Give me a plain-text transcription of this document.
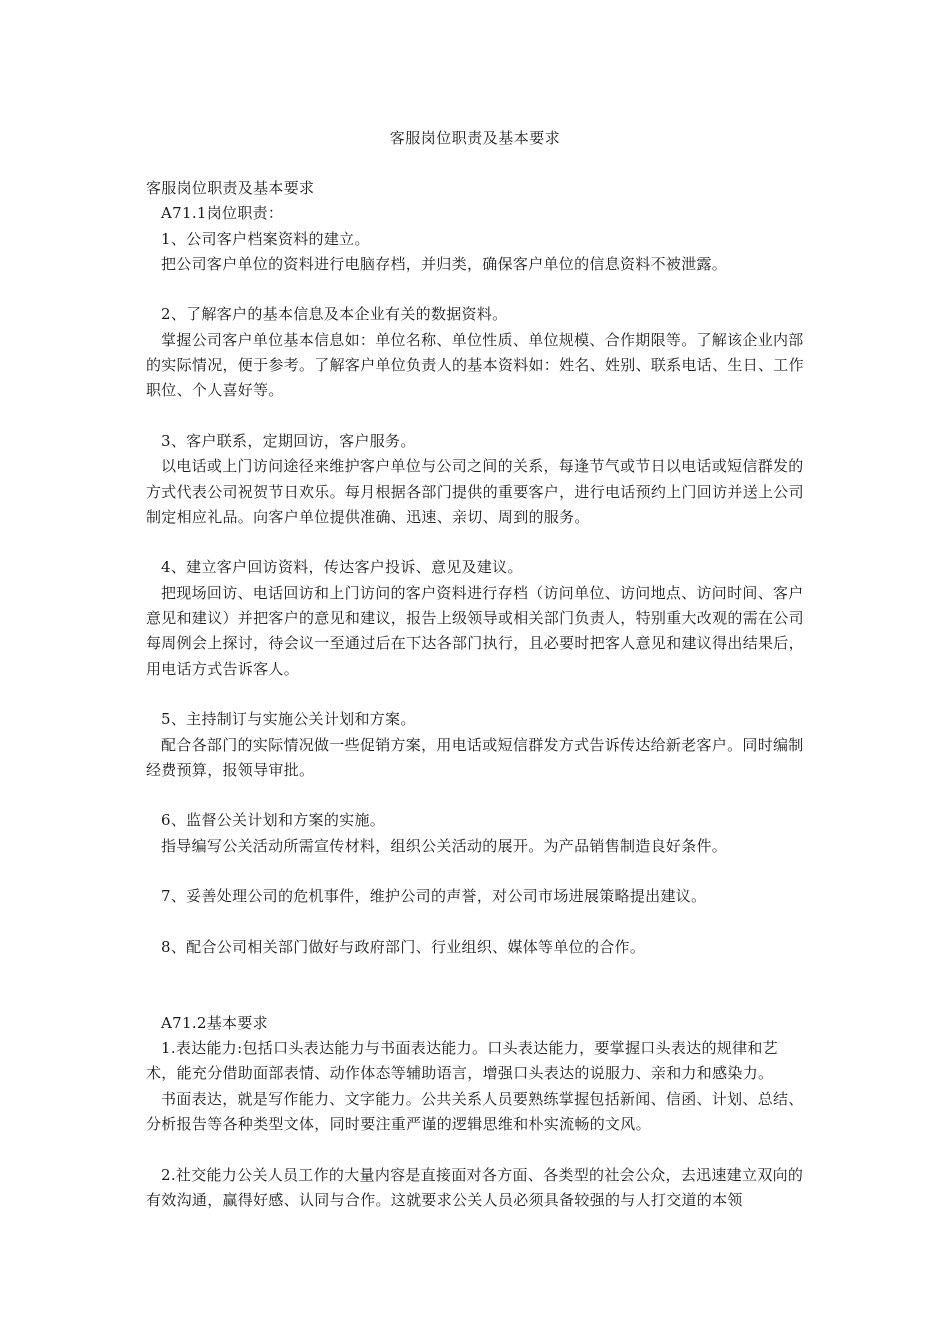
客服岗位职责及基本要求

客服岗位职责及基本要求

A71.1岗位职责：

1、公司客户档案资料的建立。

把公司客户单位的资料进行电脑存档，并归类，确保客户单位的信息资料不被泄露。

2、了解客户的基本信息及本企业有关的数据资料。

掌握公司客户单位基本信息如：单位名称、单位性质、单位规模、合作期限等。了解该企业内部的实际情况，便于参考。了解客户单位负责人的基本资料如：姓名、姓别、联系电话、生日、工作职位、个人喜好等。

3、客户联系，定期回访，客户服务。

以电话或上门访问途径来维护客户单位与公司之间的关系，每逢节气或节日以电话或短信群发的方式代表公司祝贺节日欢乐。每月根据各部门提供的重要客户，进行电话预约上门回访并送上公司制定相应礼品。向客户单位提供准确、迅速、亲切、周到的服务。

4、建立客户回访资料，传达客户投诉、意见及建议。

把现场回访、电话回访和上门访问的客户资料进行存档（访问单位、访问地点、访问时间、客户意见和建议）并把客户的意见和建议，报告上级领导或相关部门负责人，特别重大改观的需在公司每周例会上探讨，待会议一至通过后在下达各部门执行，且必要时把客人意见和建议得出结果后，用电话方式告诉客人。

5、主持制订与实施公关计划和方案。

配合各部门的实际情况做一些促销方案，用电话或短信群发方式告诉传达给新老客户。同时编制经费预算，报领导审批。

6、监督公关计划和方案的实施。

指导编写公关活动所需宣传材料，组织公关活动的展开。为产品销售制造良好条件。

7、妥善处理公司的危机事件，维护公司的声誉，对公司市场进展策略提出建议。

8、配合公司相关部门做好与政府部门、行业组织、媒体等单位的合作。

A71.2基本要求

1.表达能力:包括口头表达能力与书面表达能力。口头表达能力，要掌握口头表达的规律和艺术，能充分借助面部表情、动作体态等辅助语言，增强口头表达的说服力、亲和力和感染力。

书面表达，就是写作能力、文字能力。公共关系人员要熟练掌握包括新闻、信函、计划、总结、分析报告等各种类型文体，同时要注重严谨的逻辑思维和朴实流畅的文风。

2.社交能力公关人员工作的大量内容是直接面对各方面、各类型的社会公众，去迅速建立双向的有效沟通，赢得好感、认同与合作。这就要求公关人员必须具备较强的与人打交道的本领
